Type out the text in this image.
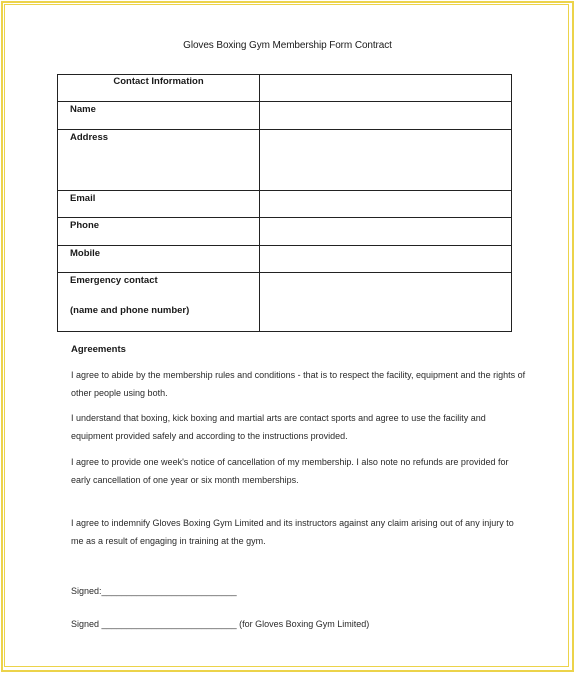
Gloves Boxing Gym Membership Form Contract
Contact Information	
Name	
Address	
Email	
Phone	
Mobile	
Emergency contact
(name and phone number)	

Agreements
I agree to abide by the membership rules and conditions - that is to respect the facility, equipment and the rights of other people using both.
I understand that boxing, kick boxing and martial arts are contact sports and agree to use the facility and equipment provided safely and according to the instructions provided.
I agree to provide one week's notice of cancellation of my membership. I also note no refunds are provided for early cancellation of one year or six month memberships.
I agree to indemnify Gloves Boxing Gym Limited and its instructors against any claim arising out of any injury to me as a result of engaging in training at the gym.
Signed:___________________________
Signed ___________________________ (for Gloves Boxing Gym Limited)
